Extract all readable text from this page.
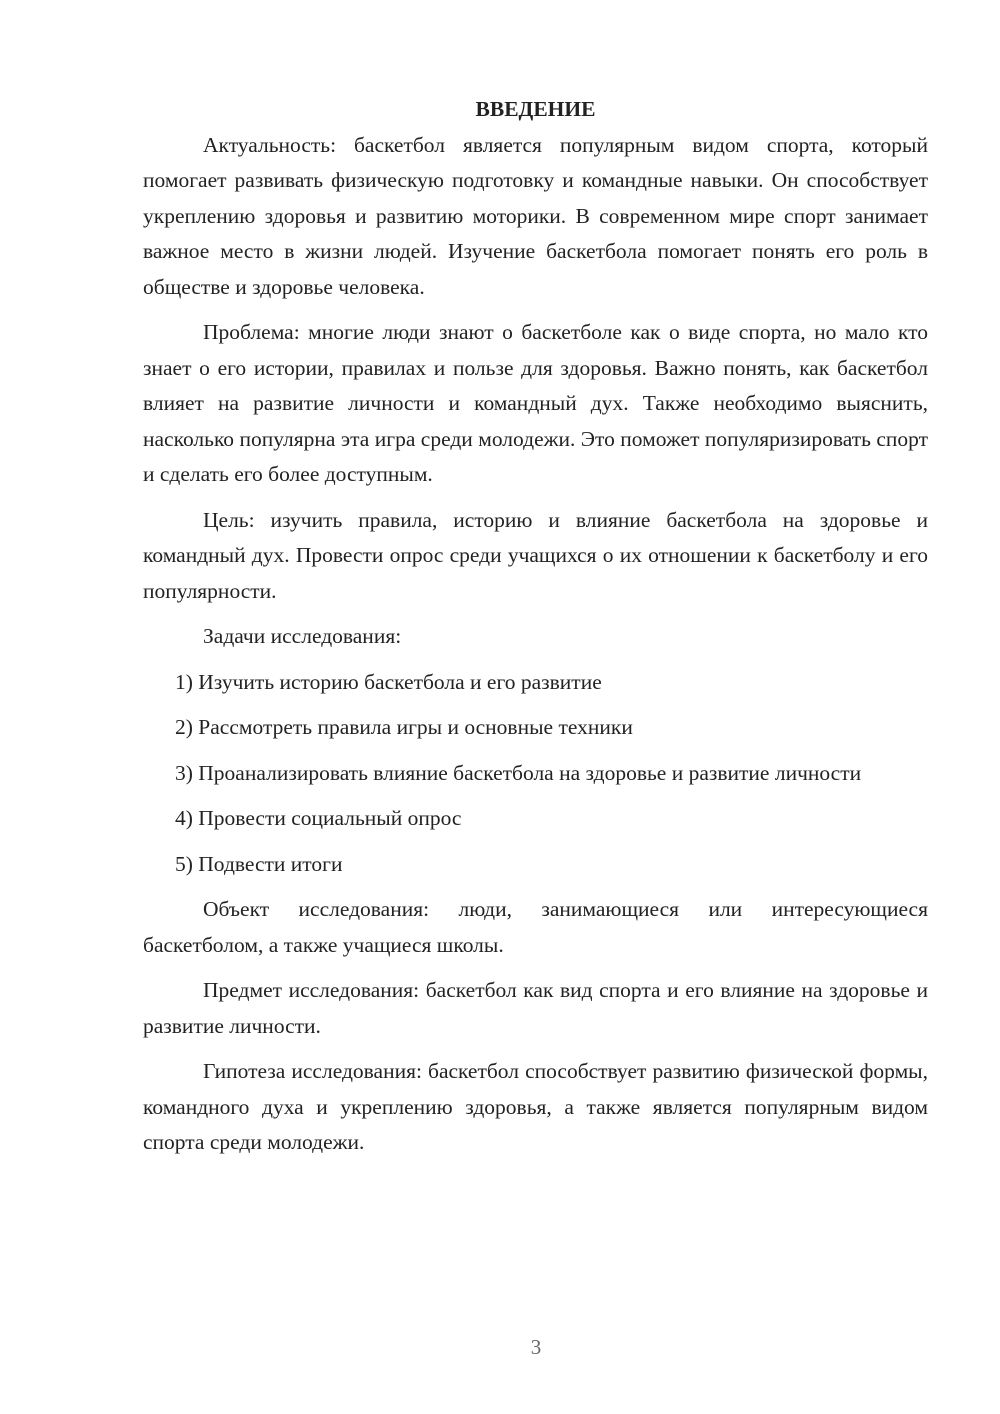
ВВЕДЕНИЕ

Актуальность: баскетбол является популярным видом спорта, который помогает развивать физическую подготовку и командные навыки. Он способствует укреплению здоровья и развитию моторики. В современном мире спорт занимает важное место в жизни людей. Изучение баскетбола помогает понять его роль в обществе и здоровье человека.

Проблема: многие люди знают о баскетболе как о виде спорта, но мало кто знает о его истории, правилах и пользе для здоровья. Важно понять, как баскетбол влияет на развитие личности и командный дух. Также необходимо выяснить, насколько популярна эта игра среди молодежи. Это поможет популяризировать спорт и сделать его более доступным.

Цель: изучить правила, историю и влияние баскетбола на здоровье и командный дух. Провести опрос среди учащихся о их отношении к баскетболу и его популярности.

Задачи исследования:

1) Изучить историю баскетбола и его развитие

2) Рассмотреть правила игры и основные техники

3) Проанализировать влияние баскетбола на здоровье и развитие личности

4) Провести социальный опрос

5) Подвести итоги

Объект исследования: люди, занимающиеся или интересующиеся баскетболом, а также учащиеся школы.

Предмет исследования: баскетбол как вид спорта и его влияние на здоровье и развитие личности.

Гипотеза исследования: баскетбол способствует развитию физической формы, командного духа и укреплению здоровья, а также является популярным видом спорта среди молодежи.

3
